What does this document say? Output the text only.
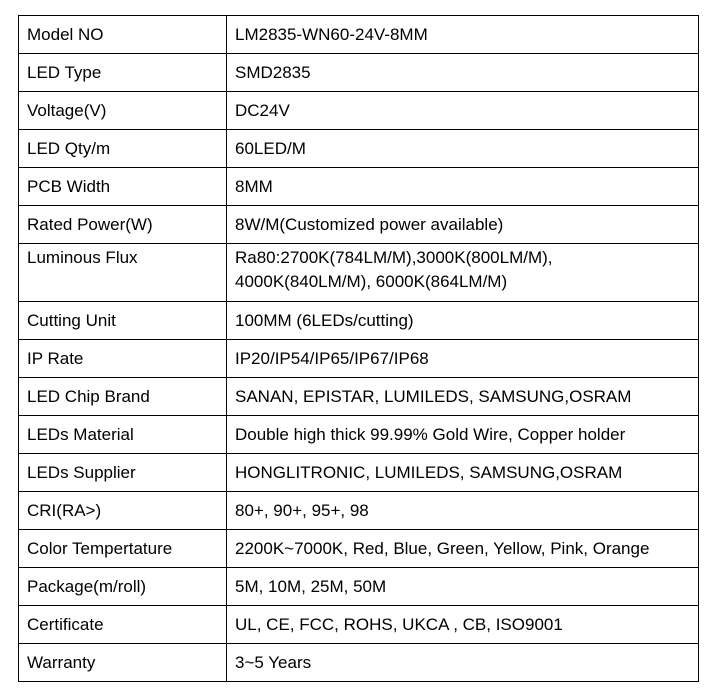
Model NO	LM2835-WN60-24V-8MM
LED Type	SMD2835
Voltage(V)	DC24V
LED Qty/m	60LED/M
PCB Width	8MM
Rated Power(W)	8W/M(Customized power available)
Luminous Flux	Ra80:2700K(784LM/M),3000K(800LM/M),
4000K(840LM/M), 6000K(864LM/M)

Cutting Unit	100MM (6LEDs/cutting)
IP Rate	IP20/IP54/IP65/IP67/IP68
LED Chip Brand	SANAN, EPISTAR, LUMILEDS, SAMSUNG,OSRAM
LEDs Material	Double high thick 99.99% Gold Wire, Copper holder
LEDs Supplier	HONGLITRONIC, LUMILEDS, SAMSUNG,OSRAM
CRI(RA>)	80+, 90+, 95+, 98
Color Tempertature	2200K~7000K, Red, Blue, Green, Yellow, Pink, Orange
Package(m/roll)	5M, 10M, 25M, 50M
Certificate	UL, CE, FCC, ROHS, UKCA , CB, ISO9001
Warranty	3~5 Years
